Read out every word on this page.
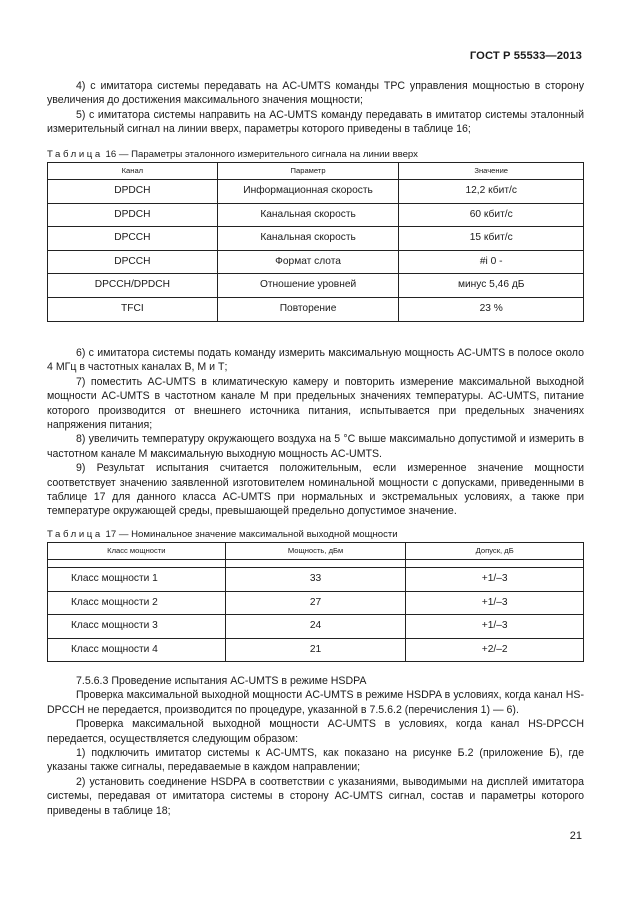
ГОСТ Р 55533—2013

4) с имитатора системы передавать на AC-UMTS команды TPC управления мощностью в сторону увеличения до достижения максимального значения мощности;

5) с имитатора системы направить на AC-UMTS команду передавать в имитатор системы эталонный измерительный сигнал на линии вверх, параметры которого приведены в таблице 16;

Таблица 16 — Параметры эталонного измерительного сигнала на линии вверх
Канал	Параметр	Значение
DPDCH	Информационная скорость	12,2 кбит/с
DPDCH	Канальная скорость	60 кбит/с
DPCCH	Канальная скорость	15 кбит/с
DPCCH	Формат слота	#i 0 -
DPCCH/DPDCH	Отношение уровней	минус 5,46 дБ
TFCI	Повторение	23 %

6) с имитатора системы подать команду измерить максимальную мощность AC-UMTS в полосе около 4 МГц в частотных каналах В, М и Т;

7) поместить AC-UMTS в климатическую камеру и повторить измерение максимальной выходной мощности AC-UMTS в частотном канале М при предельных значениях температуры. AC-UMTS, питание которого производится от внешнего источника питания, испытывается при предельных значениях напряжения питания;

8) увеличить температуру окружающего воздуха на 5 °С выше максимально допустимой и измерить в частотном канале М максимальную выходную мощность AC-UMTS.

9) Результат испытания считается положительным, если измеренное значение мощности соответствует значению заявленной изготовителем номинальной мощности с допусками, приведенными в таблице 17 для данного класса AC-UMTS при нормальных и экстремальных условиях, а также при температуре окружающей среды, превышающей предельно допустимое значение.

Таблица 17 — Номинальное значение максимальной выходной мощности
Класс мощности	Мощность, дБм	Допуск, дБ

Класс мощности 1	33	+1/–3
Класс мощности 2	27	+1/–3
Класс мощности 3	24	+1/–3
Класс мощности 4	21	+2/–2

7.5.6.3 Проведение испытания AC-UMTS в режиме HSDPA

Проверка максимальной выходной мощности AC-UMTS в режиме HSDPA в условиях, когда канал HS-DPCCH не передается, производится по процедуре, указанной в 7.5.6.2 (перечисления 1) — 6).

Проверка максимальной выходной мощности AC-UMTS в условиях, когда канал HS-DPCCH передается, осуществляется следующим образом:

1) подключить имитатор системы к AC-UMTS, как показано на рисунке Б.2 (приложение Б), где указаны также сигналы, передаваемые в каждом направлении;

2) установить соединение HSDPA в соответствии с указаниями, выводимыми на дисплей имитатора системы, передавая от имитатора системы в сторону AC-UMTS сигнал, состав и параметры которого приведены в таблице 18;

21
